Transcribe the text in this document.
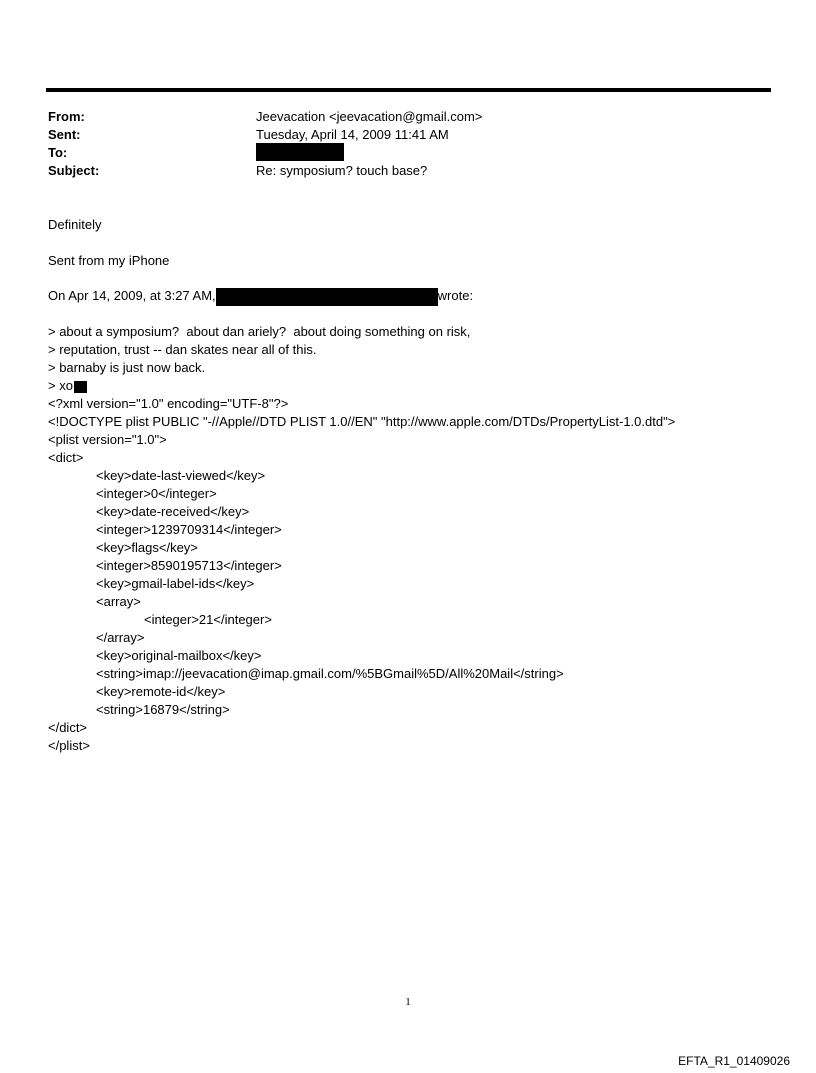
From:	Jeevacation <jeevacation@gmail.com>
Sent:	Tuesday, April 14, 2009 11:41 AM
To:
Subject:	Re: symposium? touch base?
Definitely
Sent from my iPhone
On Apr 14, 2009, at 3:27 AM,	wrote:
> about a symposium?  about dan ariely?  about doing something on risk,
> reputation, trust -- dan skates near all of this.
> barnaby is just now back.
> xo
<?xml version="1.0" encoding="UTF-8"?>
<!DOCTYPE plist PUBLIC "-//Apple//DTD PLIST 1.0//EN" "http://www.apple.com/DTDs/PropertyList-1.0.dtd">
<plist version="1.0">
<dict>
<key>date-last-viewed</key>
<integer>0</integer>
<key>date-received</key>
<integer>1239709314</integer>
<key>flags</key>
<integer>8590195713</integer>
<key>gmail-label-ids</key>
<array>
<integer>21</integer>
</array>
<key>original-mailbox</key>
<string>imap://jeevacation@imap.gmail.com/%5BGmail%5D/All%20Mail</string>
<key>remote-id</key>
<string>16879</string>
</dict>
</plist>
1
EFTA_R1_01409026
